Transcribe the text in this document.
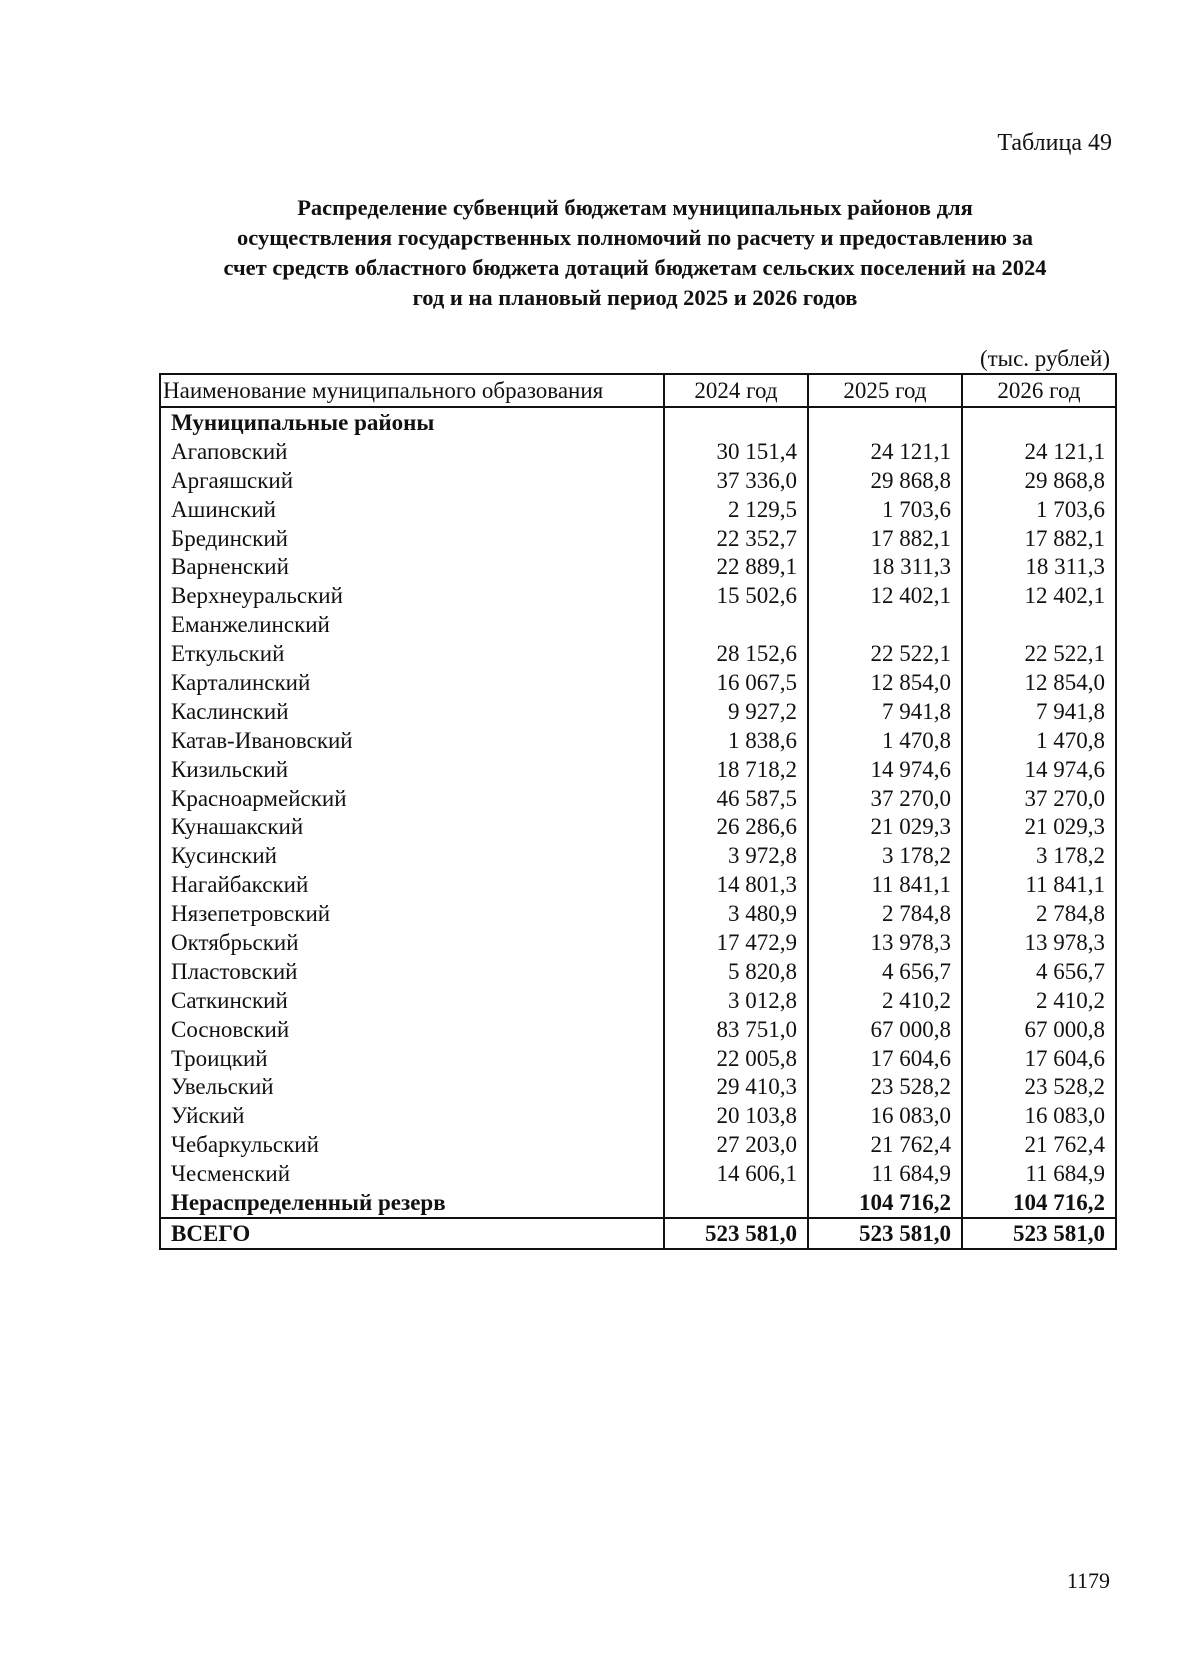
Таблица 49
Распределение субвенций бюджетам муниципальных районов для
осуществления государственных полномочий по расчету и предоставлению за
счет средств областного бюджета дотаций бюджетам сельских поселений на 2024
год и на плановый период 2025 и 2026 годов
(тыс. рублей)
Наименование муниципального образования	2024 год	2025 год	2026 год
Муниципальные районы			
Агаповский	30 151,4	24 121,1	24 121,1
Аргаяшский	37 336,0	29 868,8	29 868,8
Ашинский	2 129,5	1 703,6	1 703,6
Брединский	22 352,7	17 882,1	17 882,1
Варненский	22 889,1	18 311,3	18 311,3
Верхнеуральский	15 502,6	12 402,1	12 402,1
Еманжелинский			
Еткульский	28 152,6	22 522,1	22 522,1
Карталинский	16 067,5	12 854,0	12 854,0
Каслинский	9 927,2	7 941,8	7 941,8
Катав-Ивановский	1 838,6	1 470,8	1 470,8
Кизильский	18 718,2	14 974,6	14 974,6
Красноармейский	46 587,5	37 270,0	37 270,0
Кунашакский	26 286,6	21 029,3	21 029,3
Кусинский	3 972,8	3 178,2	3 178,2
Нагайбакский	14 801,3	11 841,1	11 841,1
Нязепетровский	3 480,9	2 784,8	2 784,8
Октябрьский	17 472,9	13 978,3	13 978,3
Пластовский	5 820,8	4 656,7	4 656,7
Саткинский	3 012,8	2 410,2	2 410,2
Сосновский	83 751,0	67 000,8	67 000,8
Троицкий	22 005,8	17 604,6	17 604,6
Увельский	29 410,3	23 528,2	23 528,2
Уйский	20 103,8	16 083,0	16 083,0
Чебаркульский	27 203,0	21 762,4	21 762,4
Чесменский	14 606,1	11 684,9	11 684,9
Нераспределенный резерв		104 716,2	104 716,2
ВСЕГО	523 581,0	523 581,0	523 581,0
1179
